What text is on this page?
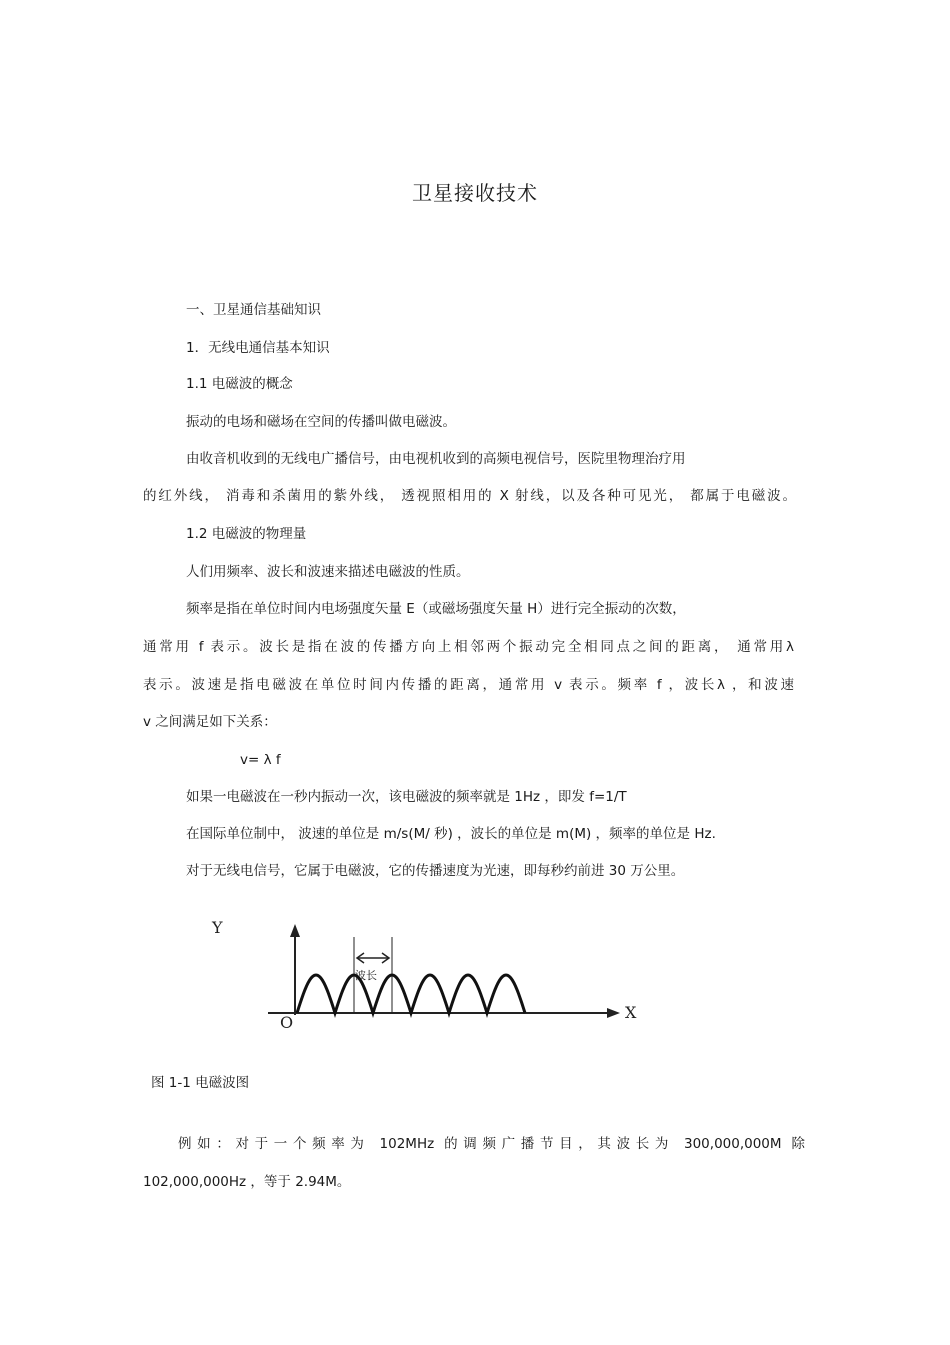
卫星接收技术
一、卫星通信基础知识
1．无线电通信基本知识
1.1 电磁波的概念
振动的电场和磁场在空间的传播叫做电磁波。
由收音机收到的无线电广播信号，由电视机收到的高频电视信号，医院里物理治疗用
的红外线， 消毒和杀菌用的紫外线， 透视照相用的 X 射线，以及各种可见光， 都属于电磁波。
1.2 电磁波的物理量
人们用频率、波长和波速来描述电磁波的性质。
频率是指在单位时间内电场强度矢量 E（或磁场强度矢量 H）进行完全振动的次数，
通常用 f 表示。波长是指在波的传播方向上相邻两个振动完全相同点之间的距离， 通常用λ
表示。波速是指电磁波在单位时间内传播的距离，通常用 v 表示。频率 f ，波长λ ，和波速
v 之间满足如下关系：
v= λ f
如果一电磁波在一秒内振动一次，该电磁波的频率就是 1Hz ，即发 f=1/T
在国际单位制中， 波速的单位是 m/s(M/ 秒) ，波长的单位是 m(M) ，频率的单位是 Hz.
对于无线电信号，它属于电磁波，它的传播速度为光速，即每秒约前进 30 万公里。
Y
X
O
波长
图 1-1 电磁波图
例如：对于一个频率为 102MHz 的调频广播节目，其波长为 300,000,000M 除
102,000,000Hz ，等于 2.94M。
